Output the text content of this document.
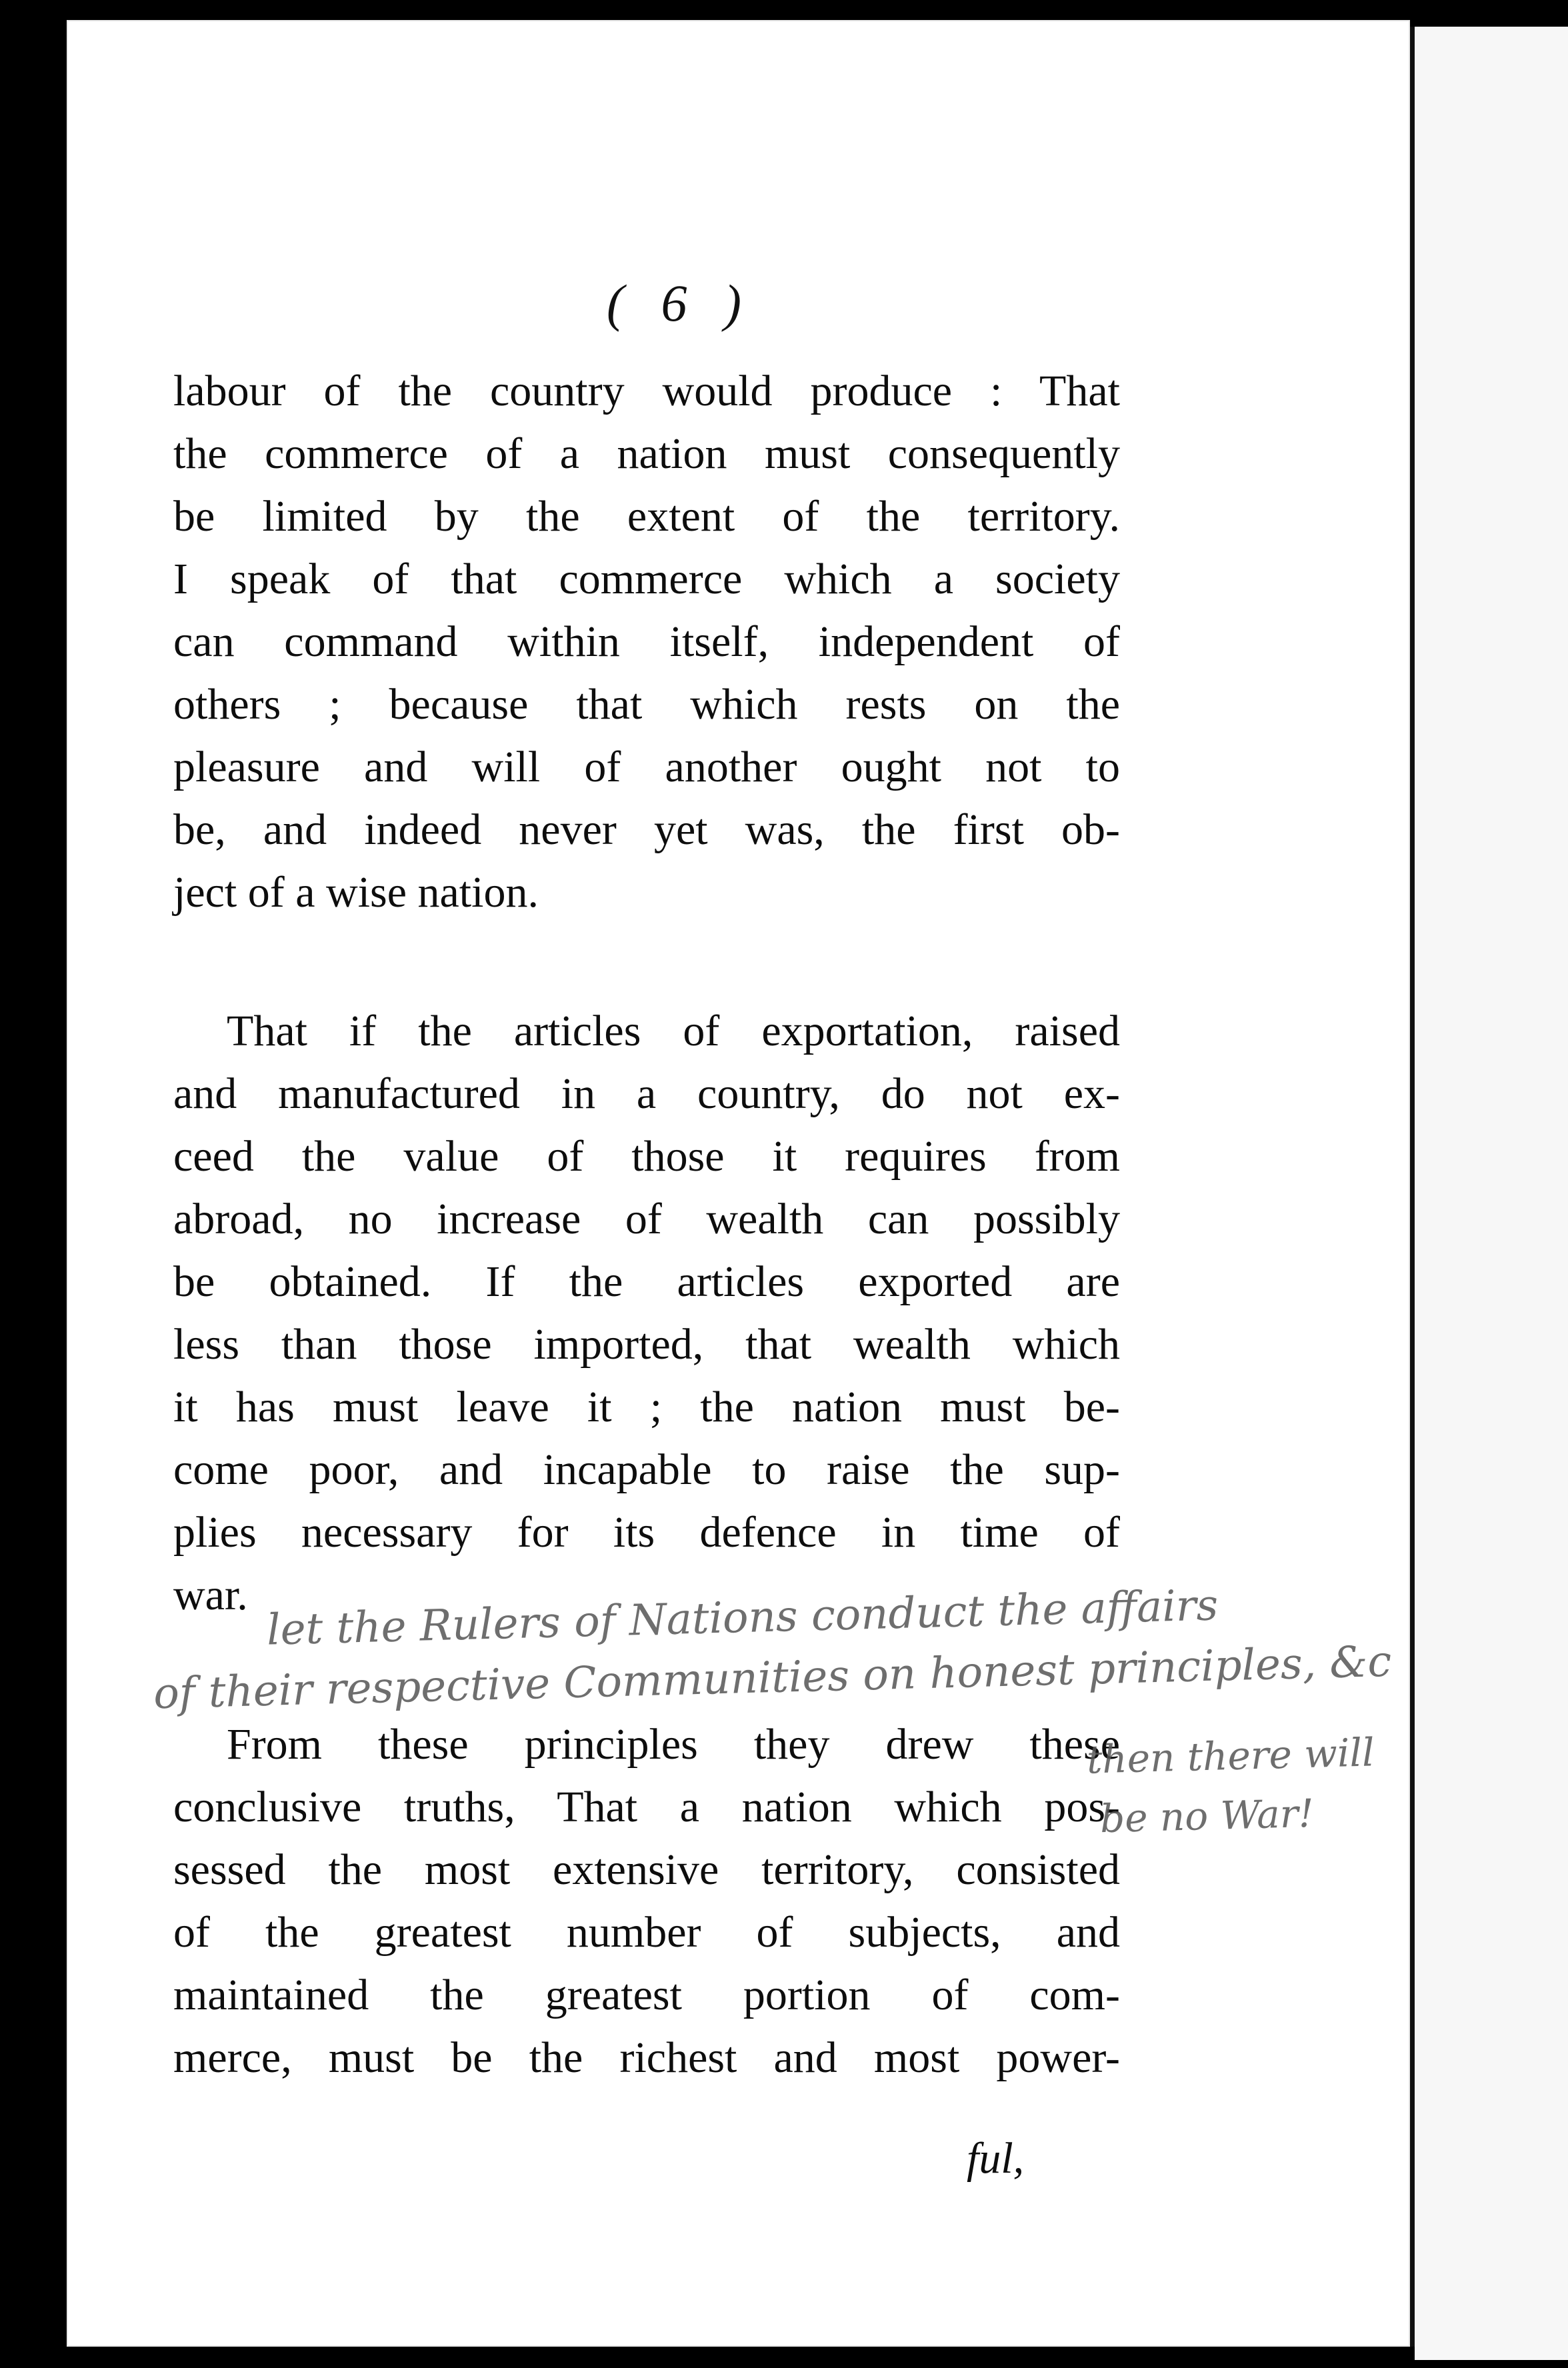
( 6 )
labour of the country would produce : That
the commerce of a nation must consequently
be limited by the extent of the territory.
I speak of that commerce which a society
can command within itself, independent of
others ; because that which rests on the
pleasure and will of another ought not to
be, and indeed never yet was, the first ob-
ject of a wise nation.
That if the articles of exportation, raised
and manufactured in a country, do not ex-
ceed the value of those it requires from
abroad, no increase of wealth can possibly
be obtained. If the articles exported are
less than those imported, that wealth which
it has must leave it ; the nation must be-
come poor, and incapable to raise the sup-
plies necessary for its defence in time of
war.
From these principles they drew these
conclusive truths, That a nation which pos-
sessed the most extensive territory, consisted
of the greatest number of subjects, and
maintained the greatest portion of com-
merce, must be the richest and most power-
ful,
let the Rulers of Nations conduct the affairs
of their respective Communities on honest principles, &c
then there will
be no War!
